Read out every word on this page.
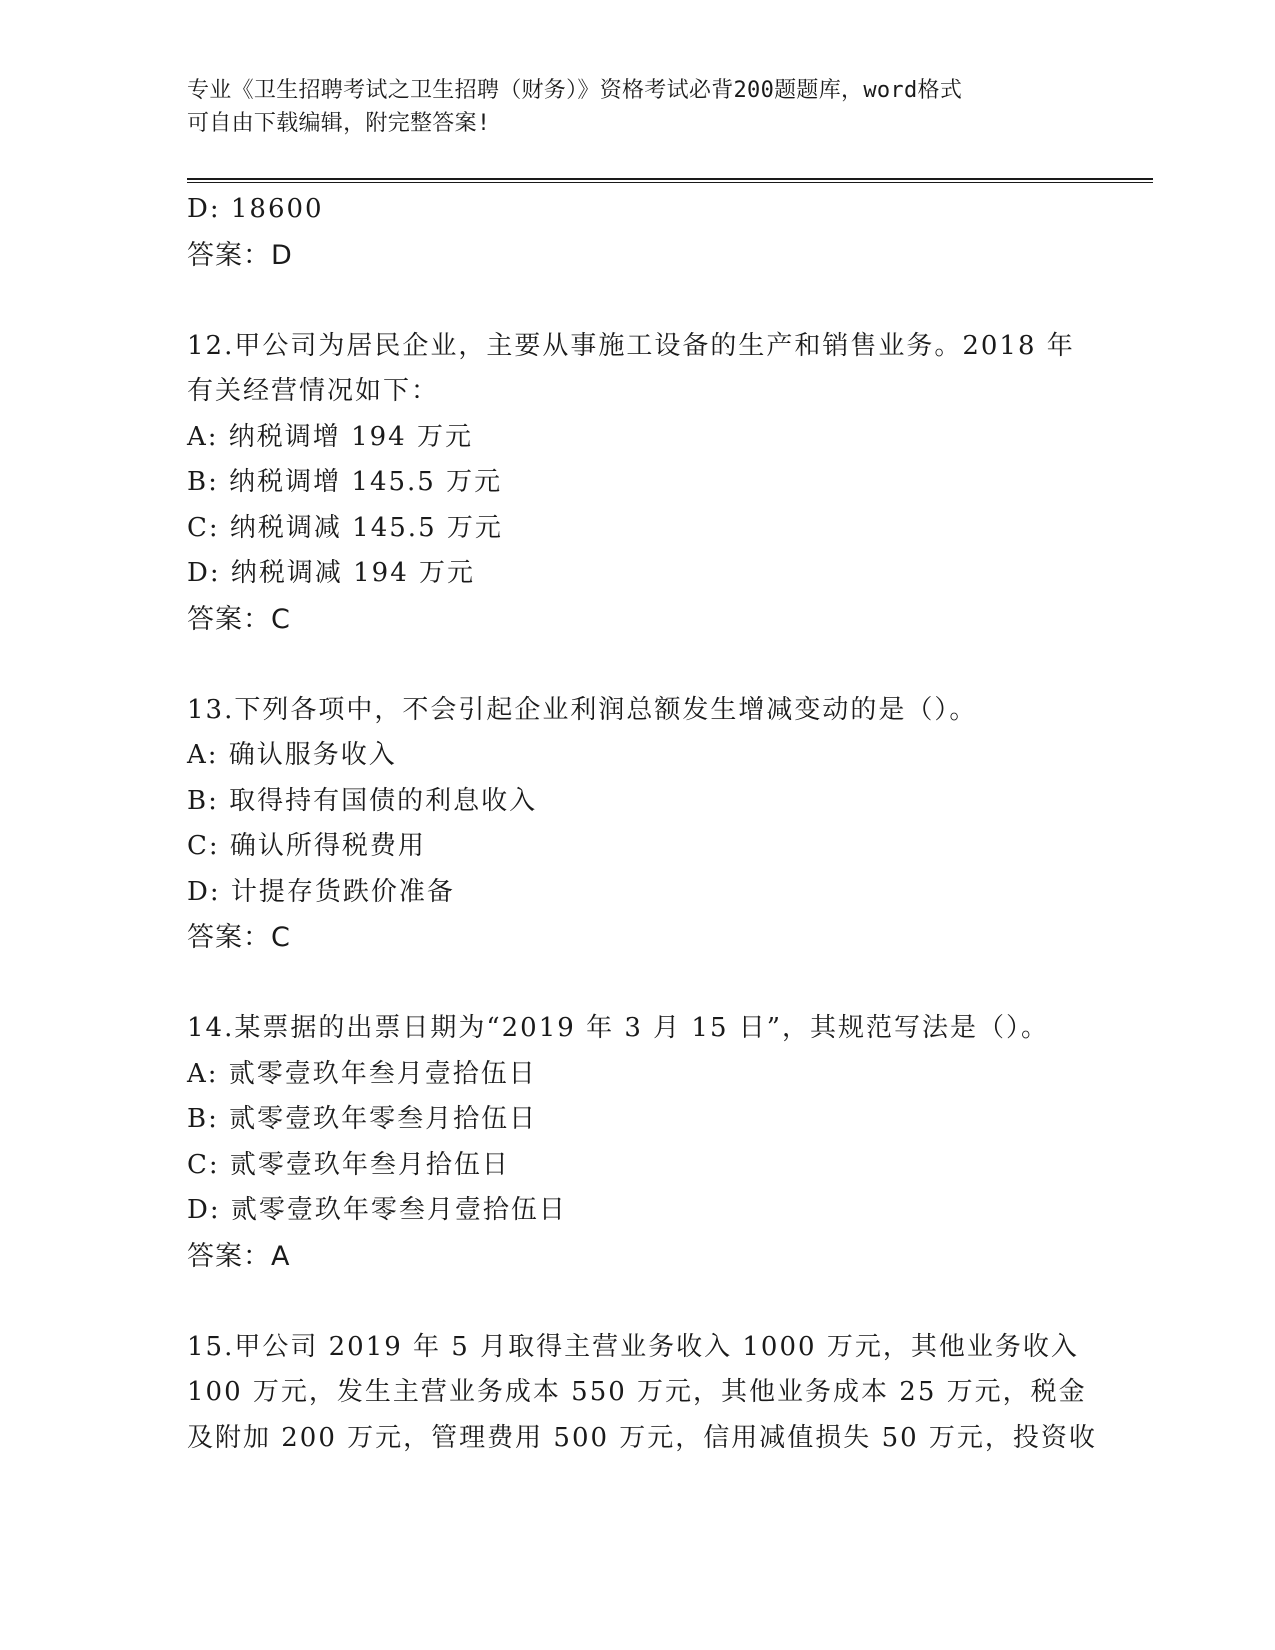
专业《卫生招聘考试之卫生招聘（财务）》资格考试必背200题题库，word格式
可自由下载编辑，附完整答案!
D: 18600
答案：D
12.甲公司为居民企业，主要从事施工设备的生产和销售业务。2018 年
有关经营情况如下：
A: 纳税调增 194 万元
B: 纳税调增 145.5 万元
C: 纳税调减 145.5 万元
D: 纳税调减 194 万元
答案：C
13.下列各项中，不会引起企业利润总额发生增减变动的是（）。
A: 确认服务收入
B: 取得持有国债的利息收入
C: 确认所得税费用
D: 计提存货跌价准备
答案：C
14.某票据的出票日期为“2019 年 3 月 15 日”，其规范写法是（）。
A: 贰零壹玖年叁月壹拾伍日
B: 贰零壹玖年零叁月拾伍日
C: 贰零壹玖年叁月拾伍日
D: 贰零壹玖年零叁月壹拾伍日
答案：A
15.甲公司 2019 年 5 月取得主营业务收入 1000 万元，其他业务收入
100 万元，发生主营业务成本 550 万元，其他业务成本 25 万元，税金
及附加 200 万元，管理费用 500 万元，信用减值损失 50 万元，投资收
